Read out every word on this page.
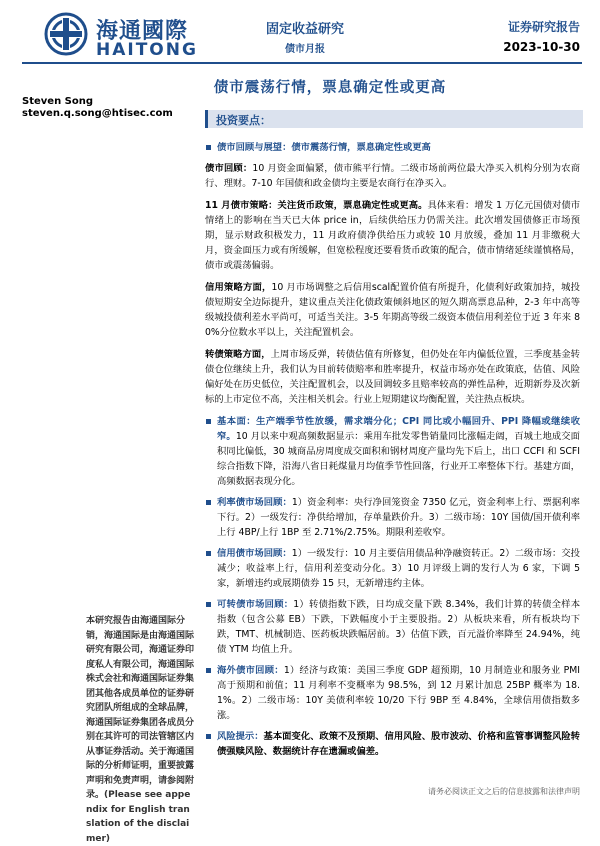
海通國際
HAITONG
固定收益研究
债市月报
证券研究报告
2023-10-30
债市震荡行情，票息确定性或更高
Steven Song
steven.q.song@htisec.com
投资要点：
债市回顾与展望：债市震荡行情，票息确定性或更高

债市回顾：10 月资金面偏紧，债市熊平行情。二级市场前两位最大净买入机构分别为农商行、理财。7-10 年国债和政金债均主要是农商行在净买入。

11 月债市策略：关注货币政策，票息确定性或更高。具体来看：增发 1 万亿元国债对债市情绪上的影响在当天已大体 price in，后续供给压力仍需关注。此次增发国债修正市场预期，显示财政积极发力，11 月政府债净供给压力或较 10 月放缓，叠加 11 月非缴税大月，资金面压力或有所缓解，但宽松程度还要看货币政策的配合，债市情绪延续谨慎格局，债市或震荡偏弱。

信用策略方面，10 月市场调整之后信用scal配置价值有所提升，化债利好政策加持，城投债短期安全边际提升，建议重点关注化债政策倾斜地区的短久期高票息品种，2-3 年中高等级城投债利差水平尚可，可适当关注。3-5 年期高等级二级资本债信用利差位于近 3 年来 80%分位数水平以上，关注配置机会。

转债策略方面，上周市场反弹，转债估值有所修复，但仍处在年内偏低位置，三季度基金转债仓位继续上升，我们认为目前转债赔率和胜率提升，权益市场亦处在政策底，估值、风险偏好处在历史低位，关注配置机会，以及回调较多且赔率较高的弹性品种，近期新券及次新标的上市定位不高，关注相关机会。行业上短期建议均衡配置，关注热点板块。

基本面：生产端季节性放缓，需求端分化；CPI 同比或小幅回升、PPI 降幅或继续收窄。10 月以来中观高频数据显示：乘用车批发零售销量同比涨幅走阔，百城土地成交面积同比偏低，30 城商品房周度成交面积和钢材周度产量均先下后上，出口 CCFI 和 SCFI 综合指数下降，沿海八省日耗煤量月均值季节性回落，行业开工率整体下行。基建方面，高频数据表现分化。
利率债市场回顾：1）资金利率：央行净回笼资金 7350 亿元，资金利率上行、票据利率下行。2）一级发行：净供给增加，存单量跌价升。3）二级市场：10Y 国债/国开债利率上行 4BP/上行 1BP 至 2.71%/2.75%。期限利差收窄。
信用债市场回顾：1）一级发行：10 月主要信用债品种净融资转正。2）二级市场：交投减少；收益率上行，信用利差变动分化。3）10 月评级上调的发行人为 6 家，下调 5 家，新增违约或展期债券 15 只，无新增违约主体。
可转债市场回顾：1）转债指数下跌，日均成交量下跌 8.34%，我们计算的转债全样本指数（包含公募 EB）下跌，下跌幅度小于主要股指。2）从板块来看，所有板块均下跌，TMT、机械制造、医药板块跌幅居前。3）估值下跌，百元溢价率降至 24.94%，纯债 YTM 均值上升。
海外债市回顾：1）经济与政策：美国三季度 GDP 超预期，10 月制造业和服务业 PMI 高于预期和前值；11 月利率不变概率为 98.5%，到 12 月累计加息 25BP 概率为 18.1%。2）二级市场：10Y 美债利率较 10/20 下行 9BP 至 4.84%，全球信用债指数多涨。
风险提示：基本面变化、政策不及预期、信用风险、股市波动、价格和监管事调整风险转债强赎风险、数据统计存在遗漏或偏差。
本研究报告由海通国际分销，海通国际是由海通国际研究有限公司，海通证券印度私人有限公司，海通国际株式会社和海通国际证券集团其他各成员单位的证券研究团队所组成的全球品牌，海通国际证券集团各成员分别在其许可的司法管辖区内从事证券活动。关于海通国际的分析师证明，重要披露声明和免责声明，请参阅附录。(Please see appendix for English translation of the disclaimer)
请务必阅读正文之后的信息披露和法律声明
